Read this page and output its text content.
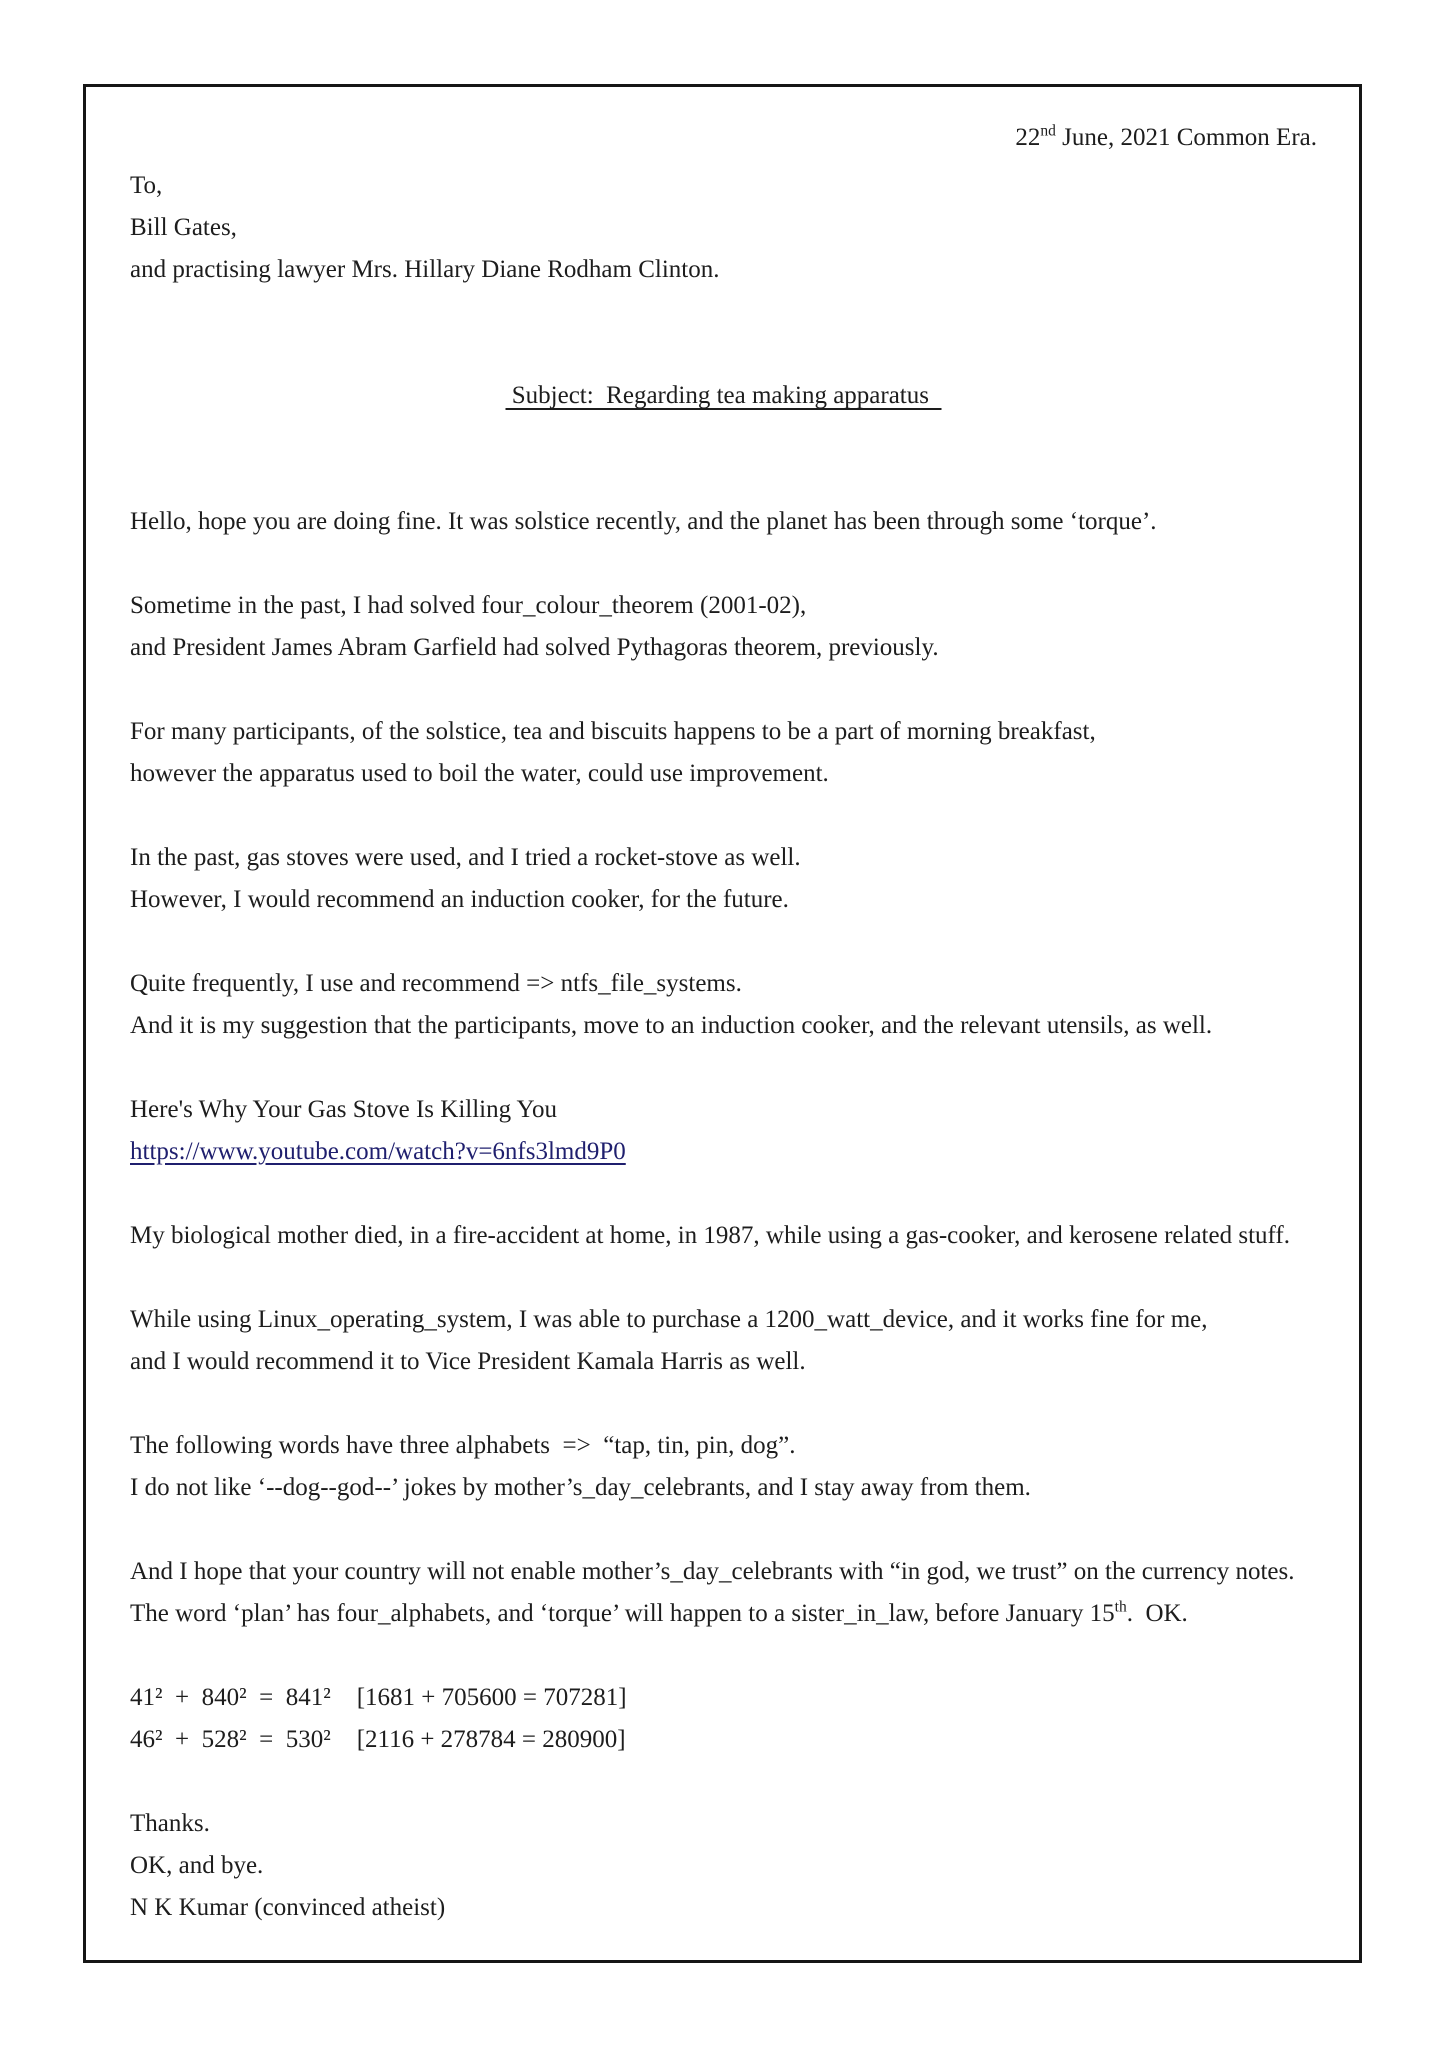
22nd June, 2021 Common Era.
To,
Bill Gates,
and practising lawyer Mrs. Hillary Diane Rodham Clinton.
Subject:  Regarding tea making apparatus
Hello, hope you are doing fine. It was solstice recently, and the planet has been through some ‘torque’.
Sometime in the past, I had solved four_colour_theorem (2001-02),
and President James Abram Garfield had solved Pythagoras theorem, previously.
For many participants, of the solstice, tea and biscuits happens to be a part of morning breakfast,
however the apparatus used to boil the water, could use improvement.
In the past, gas stoves were used, and I tried a rocket-stove as well.
However, I would recommend an induction cooker, for the future.
Quite frequently, I use and recommend => ntfs_file_systems.
And it is my suggestion that the participants, move to an induction cooker, and the relevant utensils, as well.
Here's Why Your Gas Stove Is Killing You
https://www.youtube.com/watch?v=6nfs3lmd9P0
My biological mother died, in a fire-accident at home, in 1987, while using a gas-cooker, and kerosene related stuff.
While using Linux_operating_system, I was able to purchase a 1200_watt_device, and it works fine for me,
and I would recommend it to Vice President Kamala Harris as well.
The following words have three alphabets  =>  “tap, tin, pin, dog”.
I do not like ‘--dog--god--’ jokes by mother’s_day_celebrants, and I stay away from them.
And I hope that your country will not enable mother’s_day_celebrants with “in god, we trust” on the currency notes.
The word ‘plan’ has four_alphabets, and ‘torque’ will happen to a sister_in_law, before January 15th.  OK.
41²  +  840²  =  841² [1681 + 705600 = 707281]
46²  +  528²  =  530² [2116 + 278784 = 280900]
Thanks.
OK, and bye.
N K Kumar (convinced atheist)
